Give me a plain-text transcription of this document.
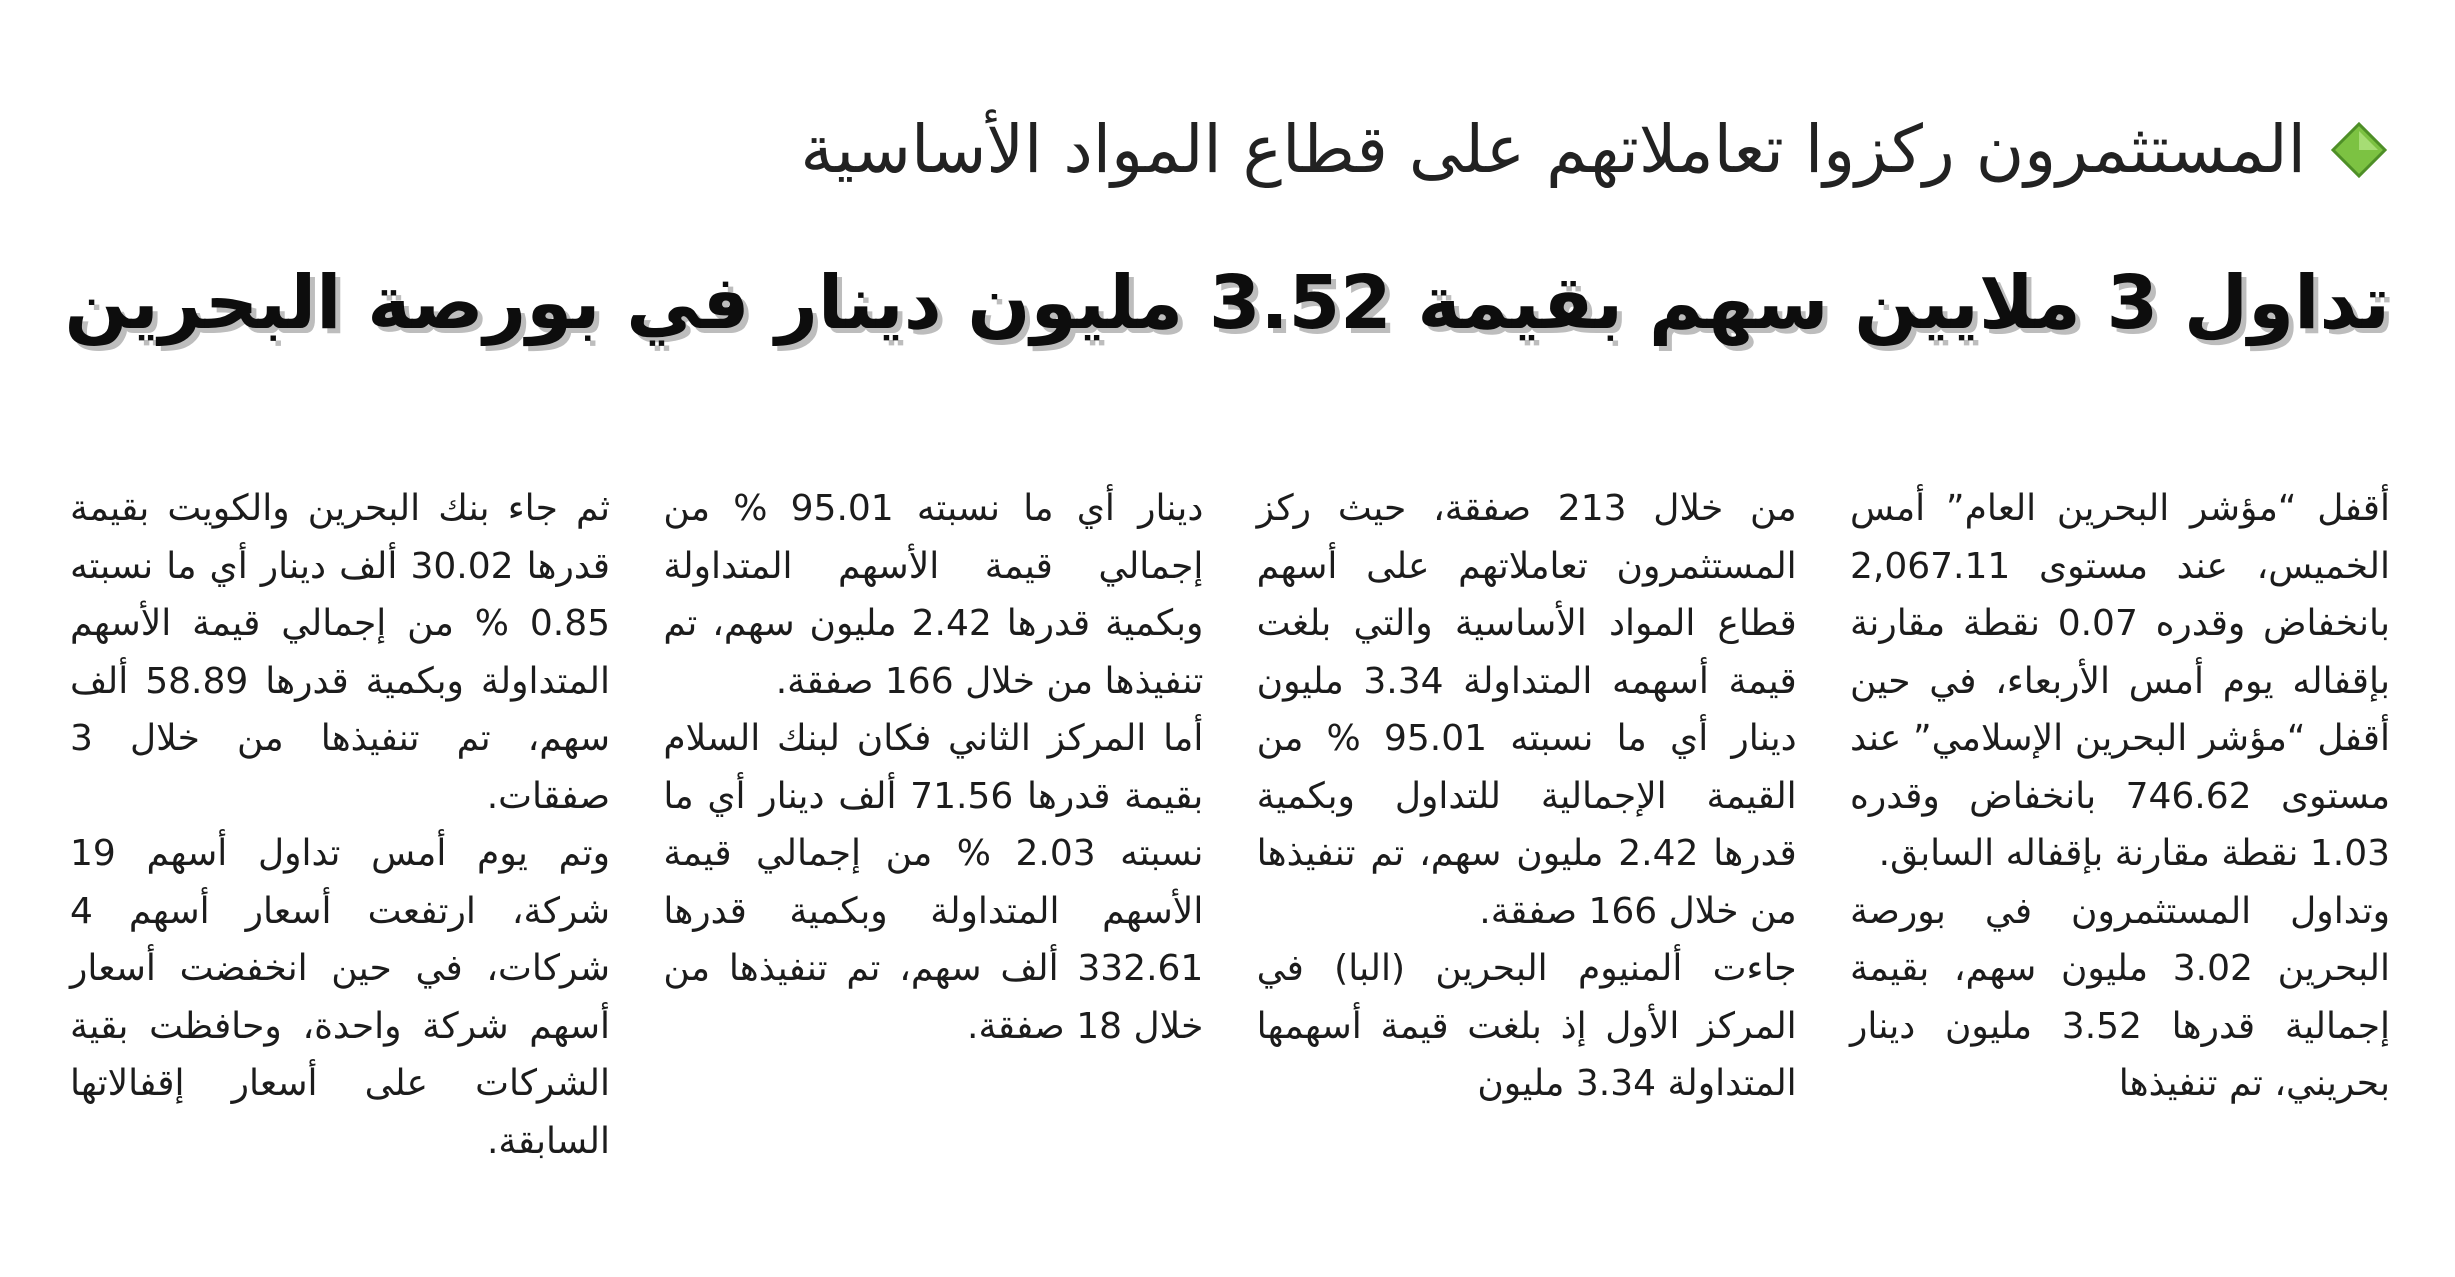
المستثمرون ركزوا تعاملاتهم على قطاع المواد الأساسية
تداول 3 ملايين سهم بقيمة 3.52 مليون دينار في بورصة البحرين

أقفل “مؤشر البحرين العام” أمس الخميس، عند مستوى 2,067.11 بانخفاض وقدره 0.07 نقطة مقارنة بإقفاله يوم أمس الأربعاء، في حين أقفل “مؤشر البحرين الإسلامي” عند مستوى 746.62 بانخفاض وقدره 1.03 نقطة مقارنة بإقفاله السابق.

وتداول المستثمرون في بورصة البحرين 3.02 مليون سهم، بقيمة إجمالية قدرها 3.52 مليون دينار بحريني، تم تنفيذها

من خلال 213 صفقة، حيث ركز المستثمرون تعاملاتهم على أسهم قطاع المواد الأساسية والتي بلغت قيمة أسهمه المتداولة 3.34 مليون دينار أي ما نسبته 95.01 % من القيمة الإجمالية للتداول وبكمية قدرها 2.42 مليون سهم، تم تنفيذها من خلال 166 صفقة.

جاءت ألمنيوم البحرين (البا) في المركز الأول إذ بلغت قيمة أسهمها المتداولة 3.34 مليون

دينار أي ما نسبته 95.01 % من إجمالي قيمة الأسهم المتداولة وبكمية قدرها 2.42 مليون سهم، تم تنفيذها من خلال 166 صفقة.

أما المركز الثاني فكان لبنك السلام بقيمة قدرها 71.56 ألف دينار أي ما نسبته 2.03 % من إجمالي قيمة الأسهم المتداولة وبكمية قدرها 332.61 ألف سهم، تم تنفيذها من خلال 18 صفقة.

ثم جاء بنك البحرين والكويت بقيمة قدرها 30.02 ألف دينار أي ما نسبته 0.85 % من إجمالي قيمة الأسهم المتداولة وبكمية قدرها 58.89 ألف سهم، تم تنفيذها من خلال 3 صفقات.

وتم يوم أمس تداول أسهم 19 شركة، ارتفعت أسعار أسهم 4 شركات، في حين انخفضت أسعار أسهم شركة واحدة، وحافظت بقية الشركات على أسعار إقفالاتها السابقة.
